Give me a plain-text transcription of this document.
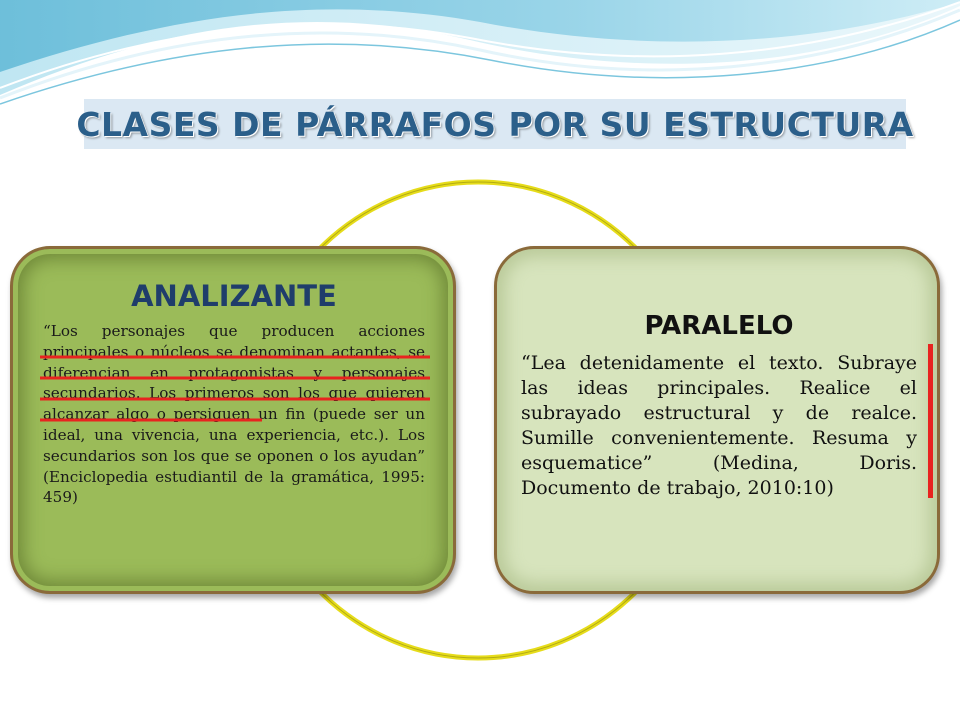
CLASES DE PÁRRAFOS POR SU ESTRUCTURA
ANALIZANTE
“Los personajes que producen acciones principales o núcleos se denominan actantes, se diferencian en protagonistas y personajes secundarios. Los primeros son los que quieren alcanzar algo o persiguen un fin (puede ser un ideal, una vivencia, una experiencia, etc.). Los secundarios son los que se oponen o los ayudan” (Enciclopedia estudiantil de la gramática, 1995: 459)
PARALELO
“Lea detenidamente el texto. Subraye las ideas principales. Realice el subrayado estructural y de realce. Sumille convenientemente. Resuma y esquematice” (Medina, Doris. Documento de trabajo, 2010:10)
